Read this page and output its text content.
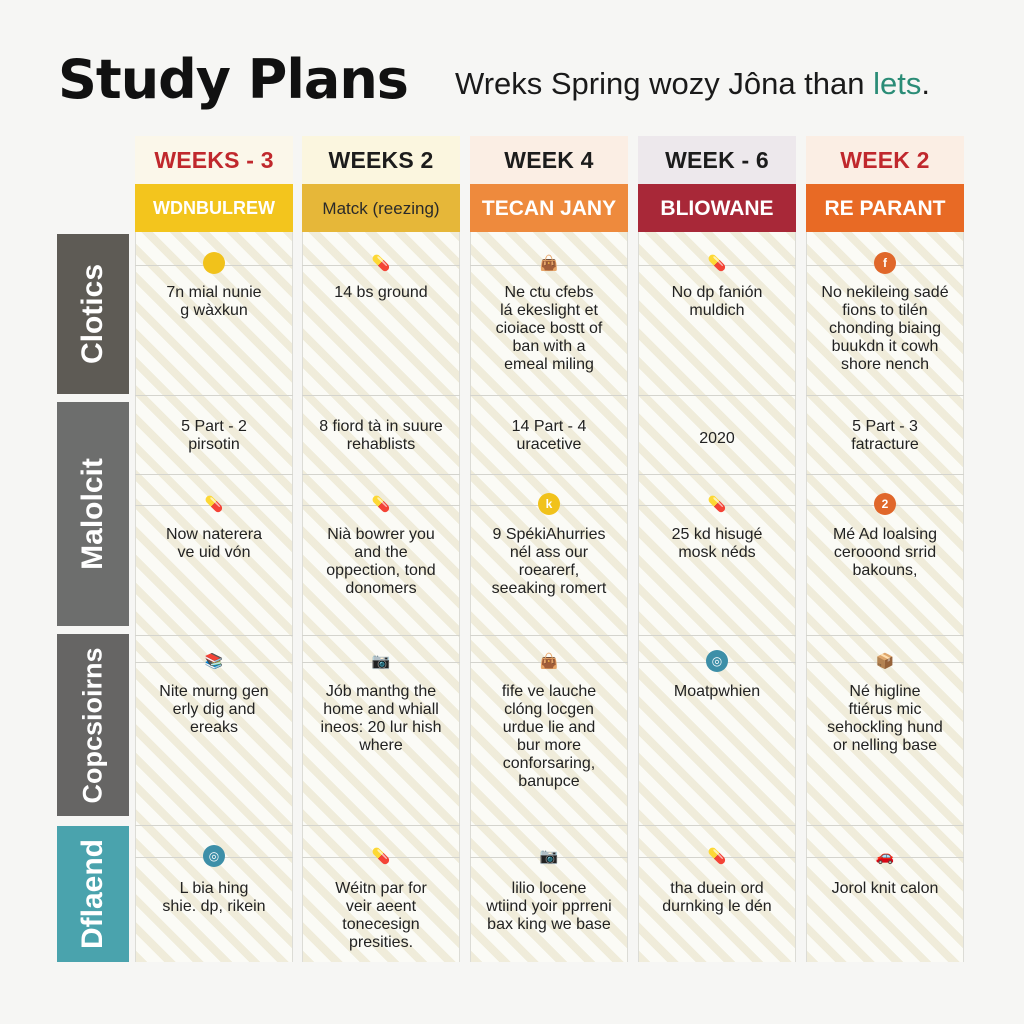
Study Plans Wrеks Spring wozy Jôna than lets.
WEEKS - 3
WDNBULREW
WEEKS 2
Matck (reezing)
WEEK 4
TECAN JANY
WEEK - 6
BLIOWANE
WEEK 2
RE PARANT
Clotics
Malolcit
Copcsioirns
Dflaend
7n mial nunie
g wàxkun
💊
14 bs ground
👜
Ne ctu cfebs
lá ekeslight et
cioiace bostt of
ban with a
emeal miling
💊
No dp fanión
muldich
f
No nekileing sadé
fions to tilén
chonding biaing
buukdn it cowh
shore nench
5 Part - 2
pirsotin
8 fiord tà in suure
rehablists
14 Part - 4
uracetive	2020
5 Part - 3
fatracture
💊
Now naterera
ve uid vón
💊
Nià bowrer you
and the
oppection, tond
donomers
k
9 SpékiAhurries
nél ass our
roearerf,
seeaking romert
💊
25 kd hisugé
mosk néds
2
Mé Ad loalsing
cerooond srrid
bakouns,
📚
Nite murng gen
erly dig and
ereaks
📷
Jób manthg the
home and whiall
ineos: 20 lur hish
where
👜
fife ve lauche
clóng locgen
urdue lie and
bur more
conforsaring,
banupce
◎
Moatpwhien
📦
Né higline
ftiérus mic
sehockling hund
or nelling base
◎
L bia hing
shie. dp, rikein
💊
Wéitn par for
veir aeent
tonecesign
presities.
📷
lilio locene
wtiind yoir pprreni
bax king we base
💊
tha duein ord
durnking le dén
🚗
Jorol knit calon
